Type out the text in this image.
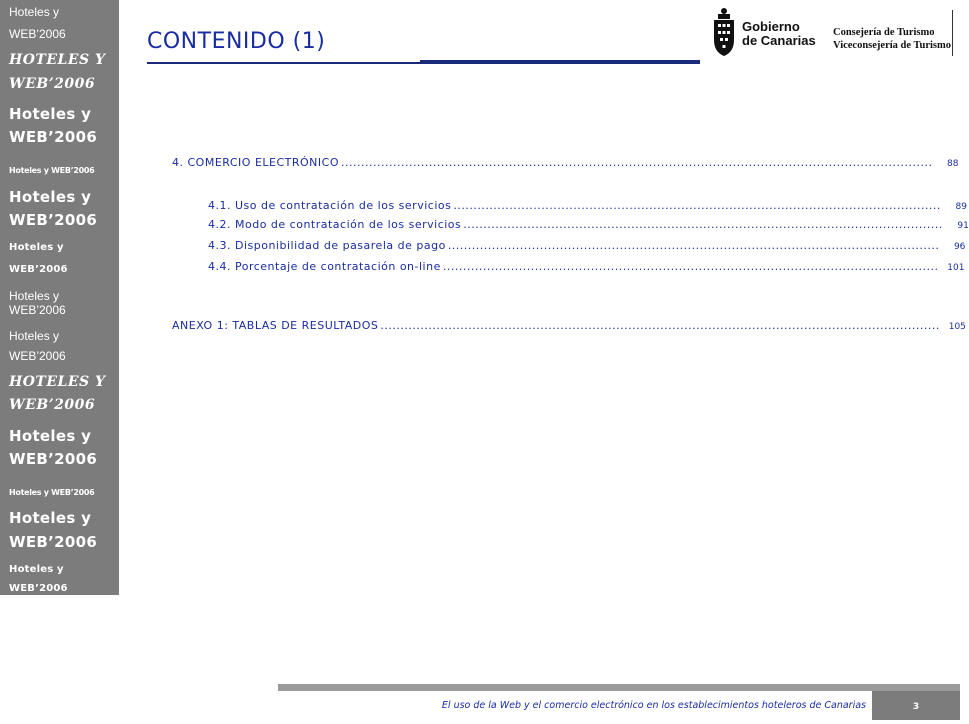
Hoteles y
WEB’2006
HOTELES Y
WEB’2006
Hoteles y
WEB’2006
Hoteles y WEB’2006
Hoteles y
WEB’2006
Hoteles y
WEB’2006
Hoteles y
WEB’2006
Hoteles y
WEB’2006
HOTELES Y
WEB’2006
Hoteles y
WEB’2006
Hoteles y WEB’2006
Hoteles y
WEB’2006
Hoteles y
WEB’2006
CONTENIDO (1)
Gobierno
de Canarias
Consejería de Turismo
Viceconsejería de Turismo
4. COMERCIO ELECTRÓNICO ....................................................................................................................................................	88
4.1. Uso de contratación de los servicios ..........................................................................................................................	89
4.2. Modo de contratación de los servicios ........................................................................................................................	91
4.3. Disponibilidad de pasarela de pago ...........................................................................................................................	96
4.4. Porcentaje de contratación on-line ............................................................................................................................ 101
ANEXO 1: TABLAS DE RESULTADOS ............................................................................................................................................ 105
El uso de la Web y el comercio electrónico en los establecimientos hoteleros de Canarias	3
